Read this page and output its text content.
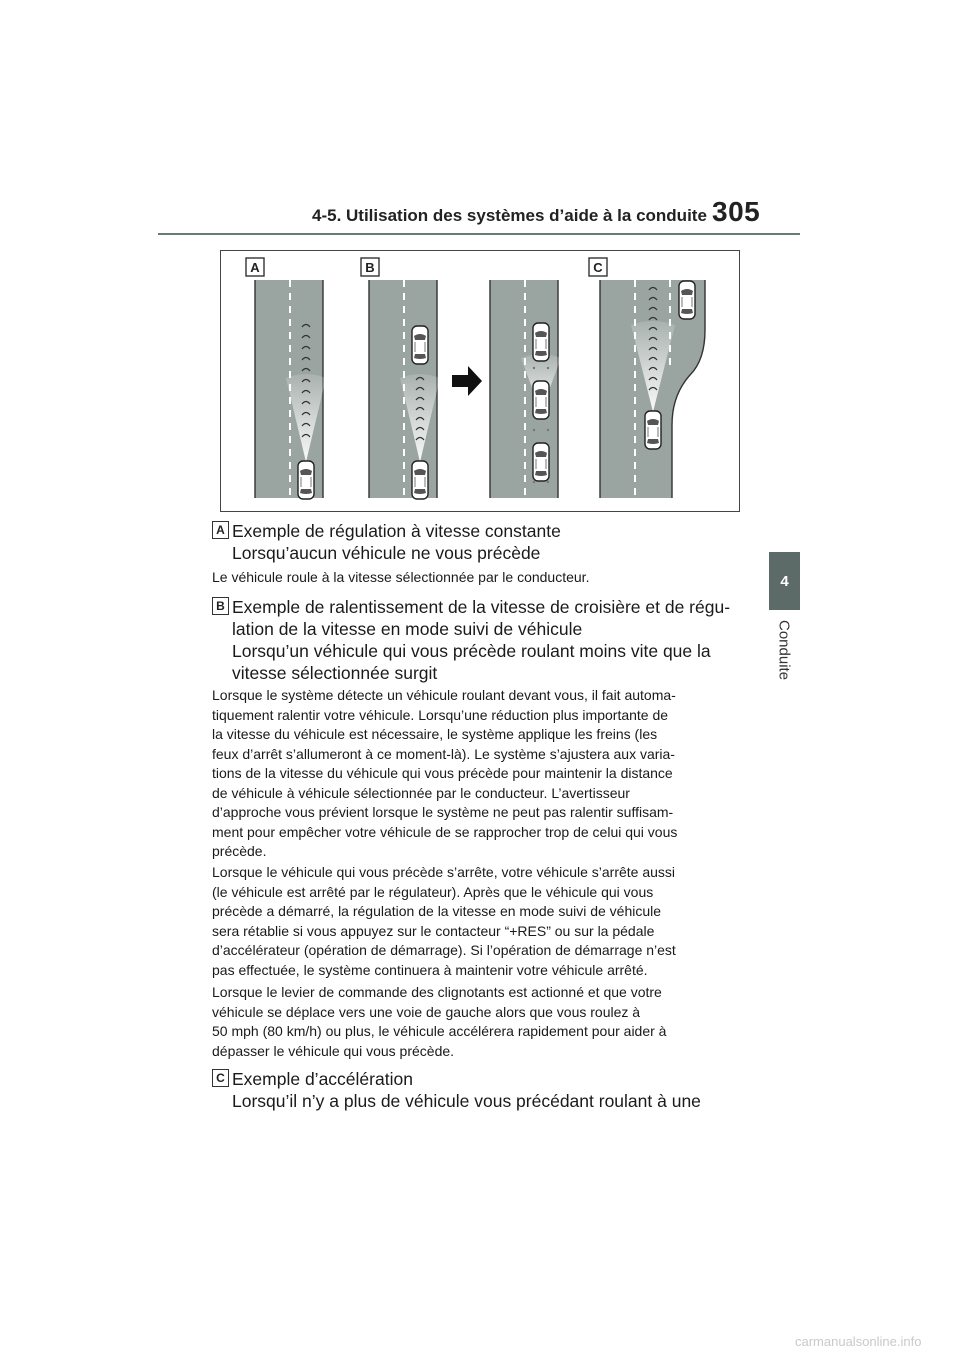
4-5. Utilisation des systèmes d’aide à la conduite 305
4
Conduite
A	B	C
A Exemple de régulation à vitesse constante
Lorsqu’aucun véhicule ne vous précède
Le véhicule roule à la vitesse sélectionnée par le conducteur.
B Exemple de ralentissement de la vitesse de croisière et de régu-
lation de la vitesse en mode suivi de véhicule
Lorsqu’un véhicule qui vous précède roulant moins vite que la
vitesse sélectionnée surgit
Lorsque le système détecte un véhicule roulant devant vous, il fait automa-
tiquement ralentir votre véhicule. Lorsqu’une réduction plus importante de
la vitesse du véhicule est nécessaire, le système applique les freins (les
feux d’arrêt s’allumeront à ce moment-là). Le système s’ajustera aux varia-
tions de la vitesse du véhicule qui vous précède pour maintenir la distance
de véhicule à véhicule sélectionnée par le conducteur. L’avertisseur
d’approche vous prévient lorsque le système ne peut pas ralentir suffisam-
ment pour empêcher votre véhicule de se rapprocher trop de celui qui vous
précède.
Lorsque le véhicule qui vous précède s’arrête, votre véhicule s’arrête aussi
(le véhicule est arrêté par le régulateur). Après que le véhicule qui vous
précède a démarré, la régulation de la vitesse en mode suivi de véhicule
sera rétablie si vous appuyez sur le contacteur “+RES” ou sur la pédale
d’accélérateur (opération de démarrage). Si l’opération de démarrage n’est
pas effectuée, le système continuera à maintenir votre véhicule arrêté.
Lorsque le levier de commande des clignotants est actionné et que votre
véhicule se déplace vers une voie de gauche alors que vous roulez à
50 mph (80 km/h) ou plus, le véhicule accélérera rapidement pour aider à
dépasser le véhicule qui vous précède.
C Exemple d’accélération
Lorsqu’il n’y a plus de véhicule vous précédant roulant à une
carmanualsonline.info
